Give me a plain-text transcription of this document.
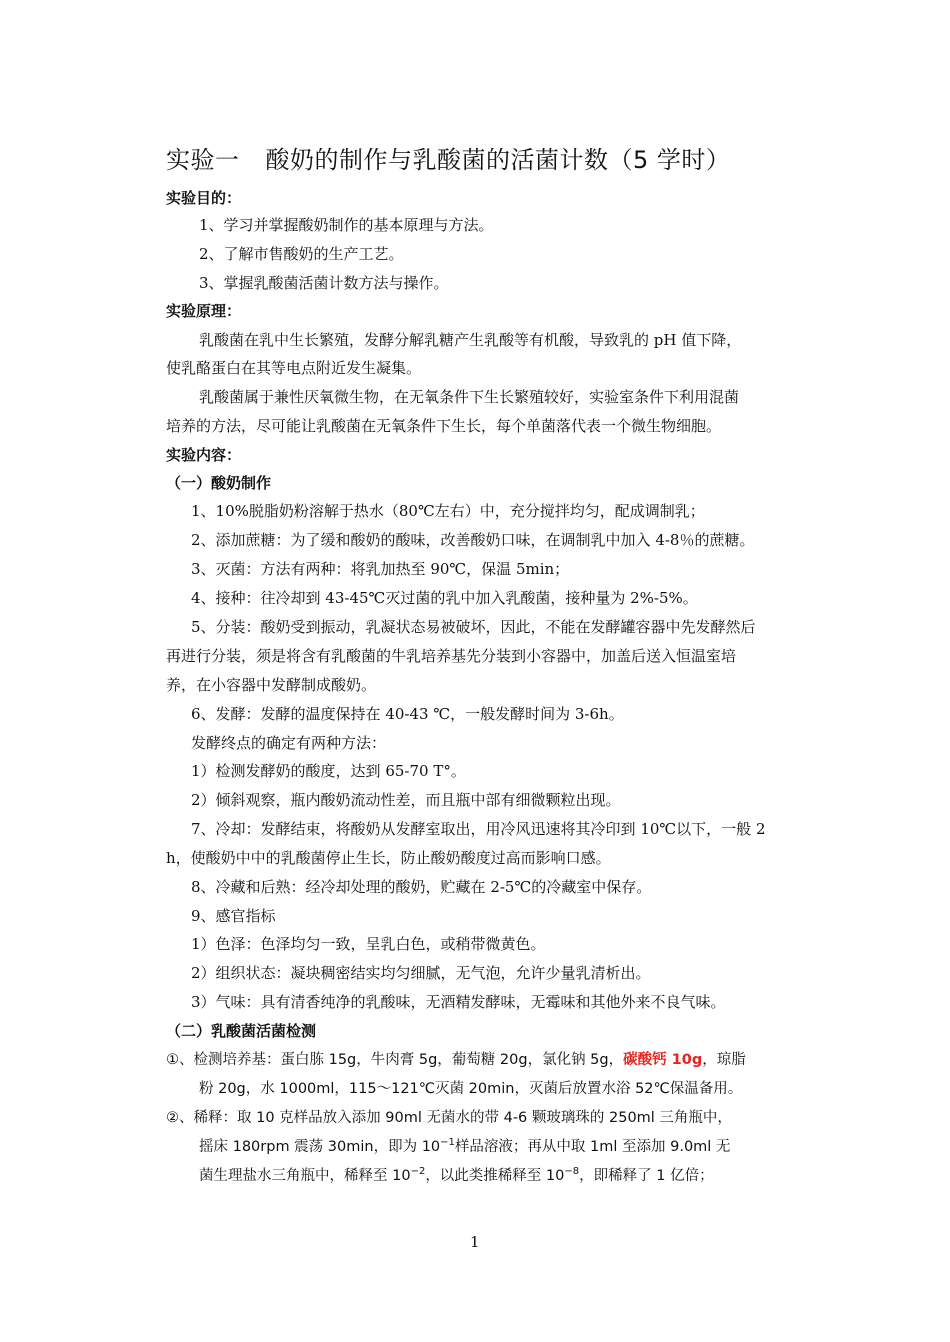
实验一 酸奶的制作与乳酸菌的活菌计数（5 学时）
实验目的：
1、学习并掌握酸奶制作的基本原理与方法。
2、了解市售酸奶的生产工艺。
3、掌握乳酸菌活菌计数方法与操作。
实验原理：
乳酸菌在乳中生长繁殖，发酵分解乳糖产生乳酸等有机酸，导致乳的 pH 值下降，
使乳酪蛋白在其等电点附近发生凝集。
乳酸菌属于兼性厌氧微生物，在无氧条件下生长繁殖较好，实验室条件下利用混菌
培养的方法，尽可能让乳酸菌在无氧条件下生长，每个单菌落代表一个微生物细胞。
实验内容：
（一）酸奶制作
1、10%脱脂奶粉溶解于热水（80℃左右）中，充分搅拌均匀，配成调制乳；
2、添加蔗糖：为了缓和酸奶的酸味，改善酸奶口味，在调制乳中加入 4-8％的蔗糖。
3、灭菌：方法有两种：将乳加热至 90℃，保温 5min；
4、接种：往冷却到 43-45℃灭过菌的乳中加入乳酸菌，接种量为 2%-5%。
5、分装：酸奶受到振动，乳凝状态易被破坏，因此，不能在发酵罐容器中先发酵然后
再进行分装，须是将含有乳酸菌的牛乳培养基先分装到小容器中，加盖后送入恒温室培
养，在小容器中发酵制成酸奶。
6、发酵：发酵的温度保持在 40-43 ℃，一般发酵时间为 3-6h。
发酵终点的确定有两种方法：
1）检测发酵奶的酸度，达到 65-70 T°。
2）倾斜观察，瓶内酸奶流动性差，而且瓶中部有细微颗粒出现。
7、冷却：发酵结束，将酸奶从发酵室取出，用冷风迅速将其冷印到 10℃以下，一般 2
h，使酸奶中中的乳酸菌停止生长，防止酸奶酸度过高而影响口感。
8、冷藏和后熟：经冷却处理的酸奶，贮藏在 2-5℃的冷藏室中保存。
9、感官指标
1）色泽：色泽均匀一致，呈乳白色，或稍带微黄色。
2）组织状态：凝块稠密结实均匀细腻，无气泡，允许少量乳清析出。
3）气味：具有清香纯净的乳酸味，无酒精发酵味，无霉味和其他外来不良气味。
（二）乳酸菌活菌检测
①、检测培养基：蛋白胨 15g，牛肉膏 5g，葡萄糖 20g，氯化钠 5g，碳酸钙 10g，琼脂
粉 20g，水 1000ml，115～121℃灭菌 20min，灭菌后放置水浴 52℃保温备用。
②、稀释：取 10 克样品放入添加 90ml 无菌水的带 4-6 颗玻璃珠的 250ml 三角瓶中，
摇床 180rpm 震荡 30min，即为 $10^{-1}$样品溶液；再从中取 1ml 至添加 9.0ml 无
菌生理盐水三角瓶中，稀释至 $10^{-2}$，以此类推稀释至 $10^{-8}$，即稀释了 1 亿倍；
1
